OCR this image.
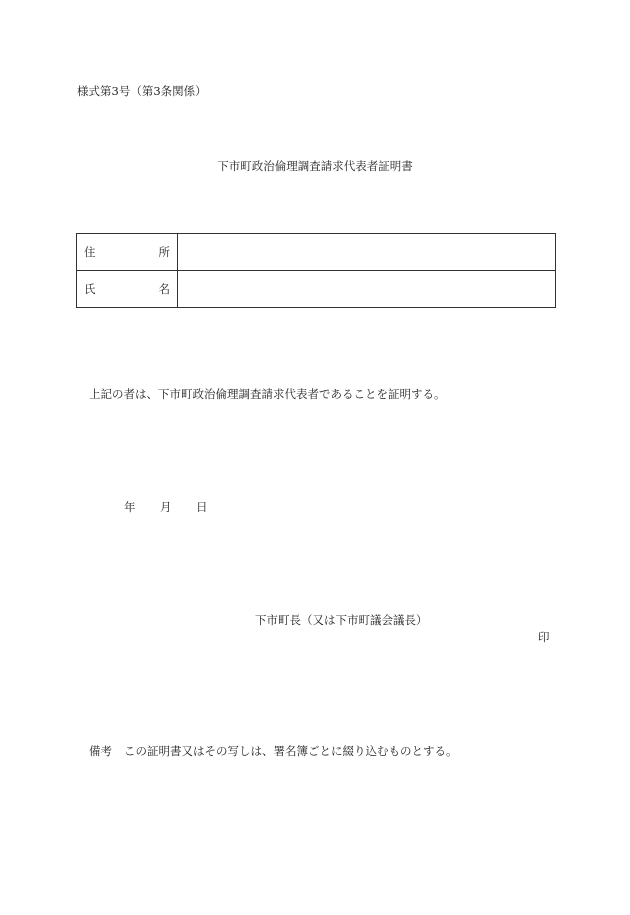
様式第3号（第3条関係）
下市町政治倫理調査請求代表者証明書
住	所
氏	名
上記の者は、下市町政治倫理調査請求代表者であることを証明する。
年 月 日
下市町長（又は下市町議会議長）
印
備考 この証明書又はその写しは、署名簿ごとに綴り込むものとする。
